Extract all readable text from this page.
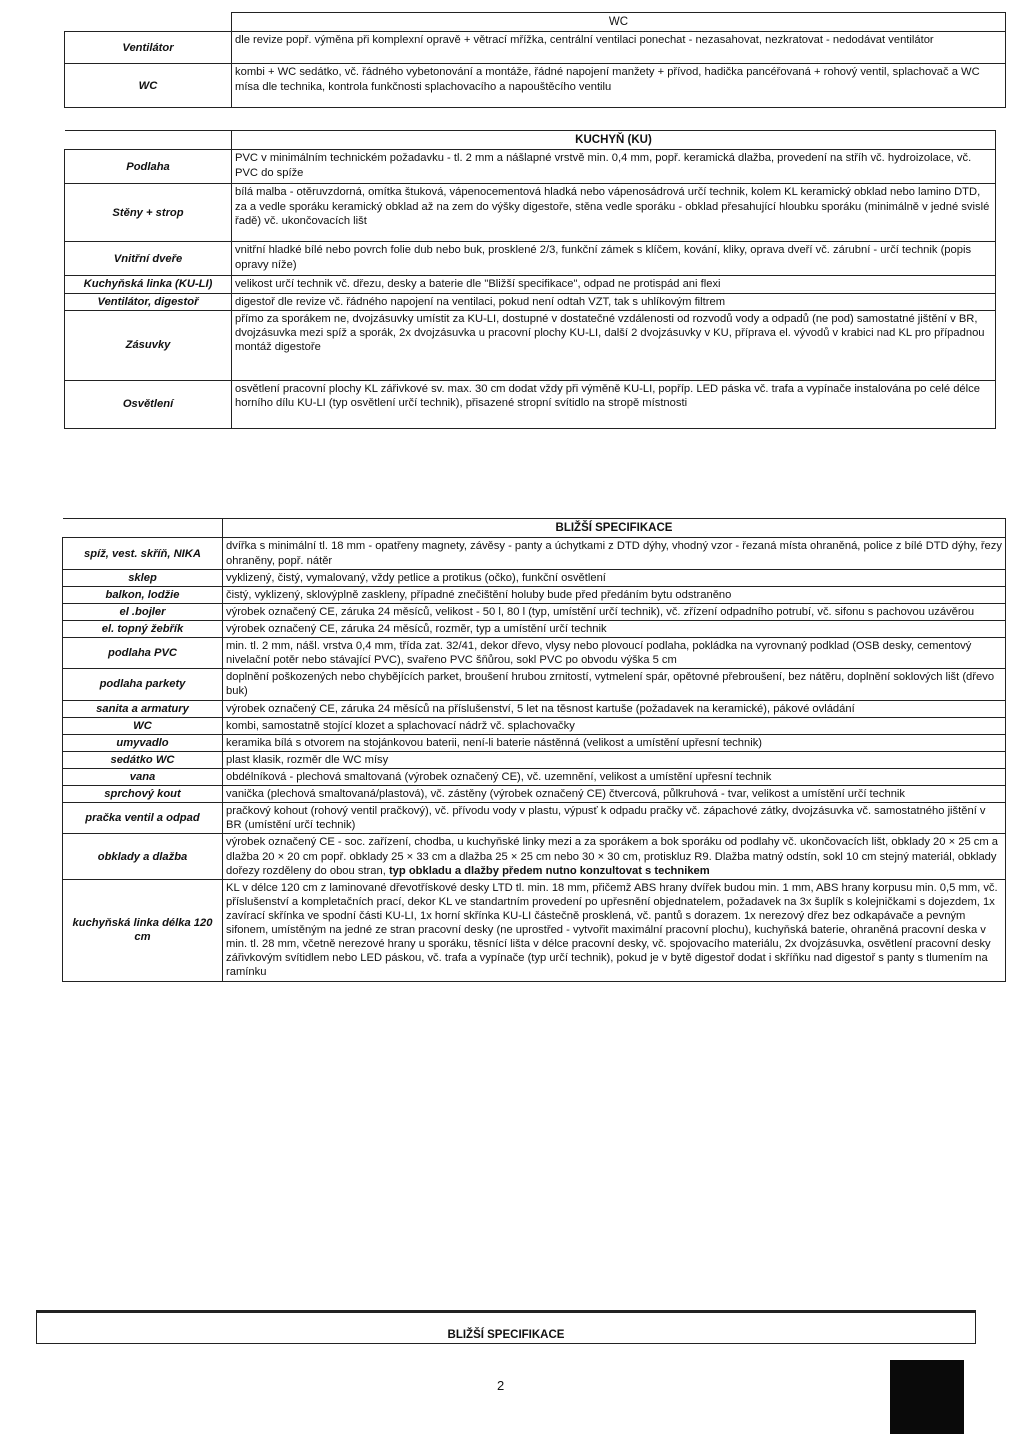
	WC
Ventilátor	dle revize popř. výměna při komplexní opravě + větrací mřížka, centrální ventilaci ponechat - nezasahovat, nezkratovat - nedodávat ventilátor
WC	kombi + WC sedátko, vč. řádného vybetonování a montáže, řádné napojení manžety + přívod, hadička pancéřovaná + rohový ventil, splachovač a WC mísa dle technika, kontrola funkčnosti splachovacího a napouštěcího ventilu
	KUCHYŇ (KU)
Podlaha	PVC v minimálním technickém požadavku - tl. 2 mm a nášlapné vrstvě min. 0,4 mm, popř. keramická dlažba, provedení na stříh vč. hydroizolace, vč. PVC do spíže
Stěny + strop	bílá malba - otěruvzdorná, omítka štuková, vápenocementová hladká nebo vápenosádrová určí technik, kolem KL keramický obklad nebo lamino DTD, za a vedle sporáku keramický obklad až na zem do výšky digestoře, stěna vedle sporáku - obklad přesahující hloubku sporáku (minimálně v jedné svislé řadě) vč. ukončovacích lišt
Vnitřní dveře	vnitřní hladké bílé nebo povrch folie dub nebo buk, prosklené 2/3, funkční zámek s klíčem, kování, kliky, oprava dveří vč. zárubní - určí technik (popis opravy níže)
Kuchyňská linka (KU-LI)	velikost určí technik vč. dřezu, desky a baterie dle "Bližší specifikace", odpad ne protispád ani flexi
Ventilátor, digestoř	digestoř dle revize vč. řádného napojení na ventilaci, pokud není odtah VZT, tak s uhlíkovým filtrem
Zásuvky	přímo za sporákem ne, dvojzásuvky umístit za KU-LI, dostupné v dostatečné vzdálenosti od rozvodů vody a odpadů (ne pod) samostatné jištění v BR, dvojzásuvka mezi spíž a sporák, 2x dvojzásuvka u pracovní plochy KU-LI, další 2 dvojzásuvky v KU, příprava el. vývodů v krabici nad KL pro případnou montáž digestoře
Osvětlení	osvětlení pracovní plochy KL zářivkové sv. max. 30 cm dodat vždy při výměně KU-LI, popříp. LED páska vč. trafa a vypínače instalována po celé délce horního dílu KU-LI (typ osvětlení určí technik), přisazené stropní svítidlo na stropě místnosti
	BLIŽŠÍ SPECIFIKACE
spíž, vest. skříň, NIKA	dvířka s minimální tl. 18 mm - opatřeny magnety, závěsy - panty a úchytkami z DTD dýhy, vhodný vzor - řezaná místa ohraněná, police z bílé DTD dýhy, řezy ohraněny, popř. nátěr
sklep	vyklizený, čistý, vymalovaný, vždy petlice a protikus (očko), funkční osvětlení
balkon, lodžie	čistý, vyklizený, sklovýplně zaskleny, případné znečištění holuby bude před předáním bytu odstraněno
el .bojler	výrobek označený CE, záruka 24 měsíců, velikost - 50 l, 80 l (typ, umístění určí technik), vč. zřízení odpadního potrubí, vč. sifonu s pachovou uzávěrou
el. topný žebřík	výrobek označený CE, záruka 24 měsíců, rozměr, typ a umístění určí technik
podlaha PVC	min. tl. 2 mm, nášl. vrstva 0,4 mm, třída zat. 32/41, dekor dřevo, vlysy nebo plovoucí podlaha, pokládka na vyrovnaný podklad (OSB desky, cementový nivelační potěr nebo stávající PVC), svařeno PVC šňůrou, sokl PVC po obvodu výška 5 cm
podlaha parkety	doplnění poškozených nebo chybějících parket, broušení hrubou zrnitostí, vytmelení spár, opětovné přebroušení, bez nátěru, doplnění soklových lišt (dřevo buk)
sanita a armatury	výrobek označený CE, záruka 24 měsíců na příslušenství, 5 let na těsnost kartuše (požadavek na keramické), pákové ovládání
WC	kombi, samostatně stojící klozet a splachovací nádrž vč. splachovačky
umyvadlo	keramika bílá s otvorem na stojánkovou baterii, není-li baterie nástěnná (velikost a umístění upřesní technik)
sedátko WC	plast klasik, rozměr dle WC mísy
vana	obdélníková - plechová smaltovaná (výrobek označený CE), vč. uzemnění, velikost a umístění upřesní technik
sprchový kout	vanička (plechová smaltovaná/plastová), vč. zástěny (výrobek označený CE) čtvercová, půlkruhová - tvar, velikost a umístění určí technik
pračka ventil a odpad	pračkový kohout (rohový ventil pračkový), vč. přívodu vody v plastu, výpusť k odpadu pračky vč. zápachové zátky, dvojzásuvka vč. samostatného jištění v BR (umístění určí technik)
obklady a dlažba	výrobek označený CE - soc. zařízení, chodba, u kuchyňské linky mezi a za sporákem a bok sporáku od podlahy vč. ukončovacích lišt, obklady 20 × 25 cm a dlažba 20 × 20 cm popř. obklady 25 × 33 cm a dlažba 25 × 25 cm nebo 30 × 30 cm, protiskluz R9. Dlažba matný odstín, sokl 10 cm stejný materiál, obklady dořezy rozděleny do obou stran, typ obkladu a dlažby předem nutno konzultovat s technikem
kuchyňská linka délka 120 cm	KL v délce 120 cm z laminované dřevotřískové desky LTD tl. min. 18 mm, přičemž ABS hrany dvířek budou min. 1 mm, ABS hrany korpusu min. 0,5 mm, vč. příslušenství a kompletačních prací, dekor KL ve standartním provedení po upřesnění objednatelem, požadavek na 3x šuplík s kolejničkami s dojezdem, 1x zavírací skřínka ve spodní části KU-LI, 1x horní skřínka KU-LI částečně prosklená, vč. pantů s dorazem. 1x nerezový dřez bez odkapávače a pevným sifonem, umístěným na jedné ze stran pracovní desky (ne uprostřed - vytvořit maximální pracovní plochu), kuchyňská baterie, ohraněná pracovní deska v min. tl. 28 mm, včetně nerezové hrany u sporáku, těsnící lišta v délce pracovní desky, vč. spojovacího materiálu, 2x dvojzásuvka, osvětlení pracovní desky zářivkovým svítidlem nebo LED páskou, vč. trafa a vypínače (typ určí technik), pokud je v bytě digestoř dodat i skříňku nad digestoř s panty s tlumením na ramínku
BLIŽŠÍ SPECIFIKACE
2
